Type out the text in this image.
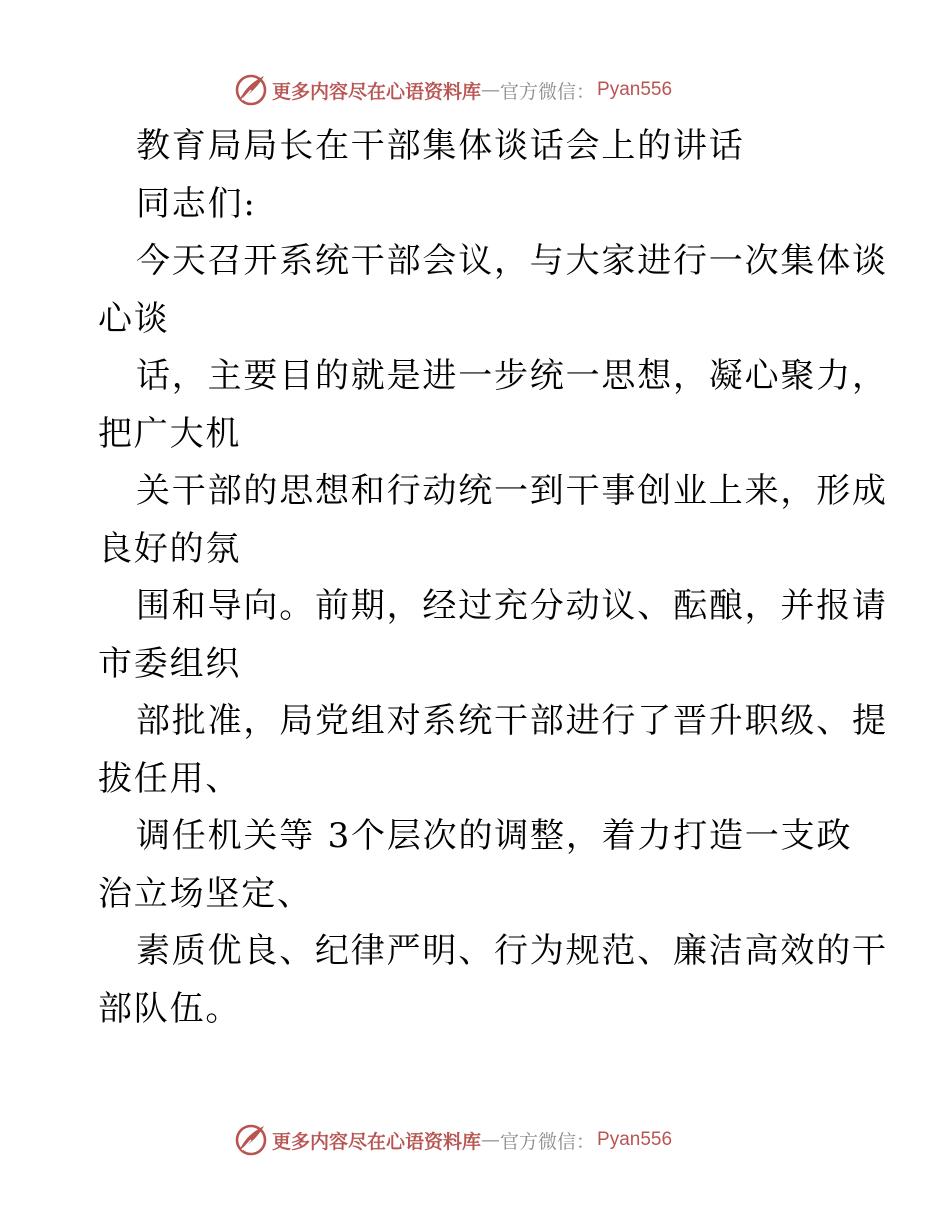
更多内容尽在心语资料库 — 官方微信： Pyan556
教育局局长在干部集体谈话会上的讲话
同志们:
今天召开系统干部会议，与大家进行一次集体谈
心谈
话，主要目的就是进一步统一思想，凝心聚力，
把广大机
关干部的思想和行动统一到干事创业上来，形成
良好的氛
围和导向。前期，经过充分动议、酝酿，并报请
市委组织
部批准，局党组对系统干部进行了晋升职级、提
拔任用、
调任机关等 3个层次的调整，着力打造一支政
治立场坚定、
素质优良、纪律严明、行为规范、廉洁高效的干
部队伍。
更多内容尽在心语资料库 — 官方微信： Pyan556
